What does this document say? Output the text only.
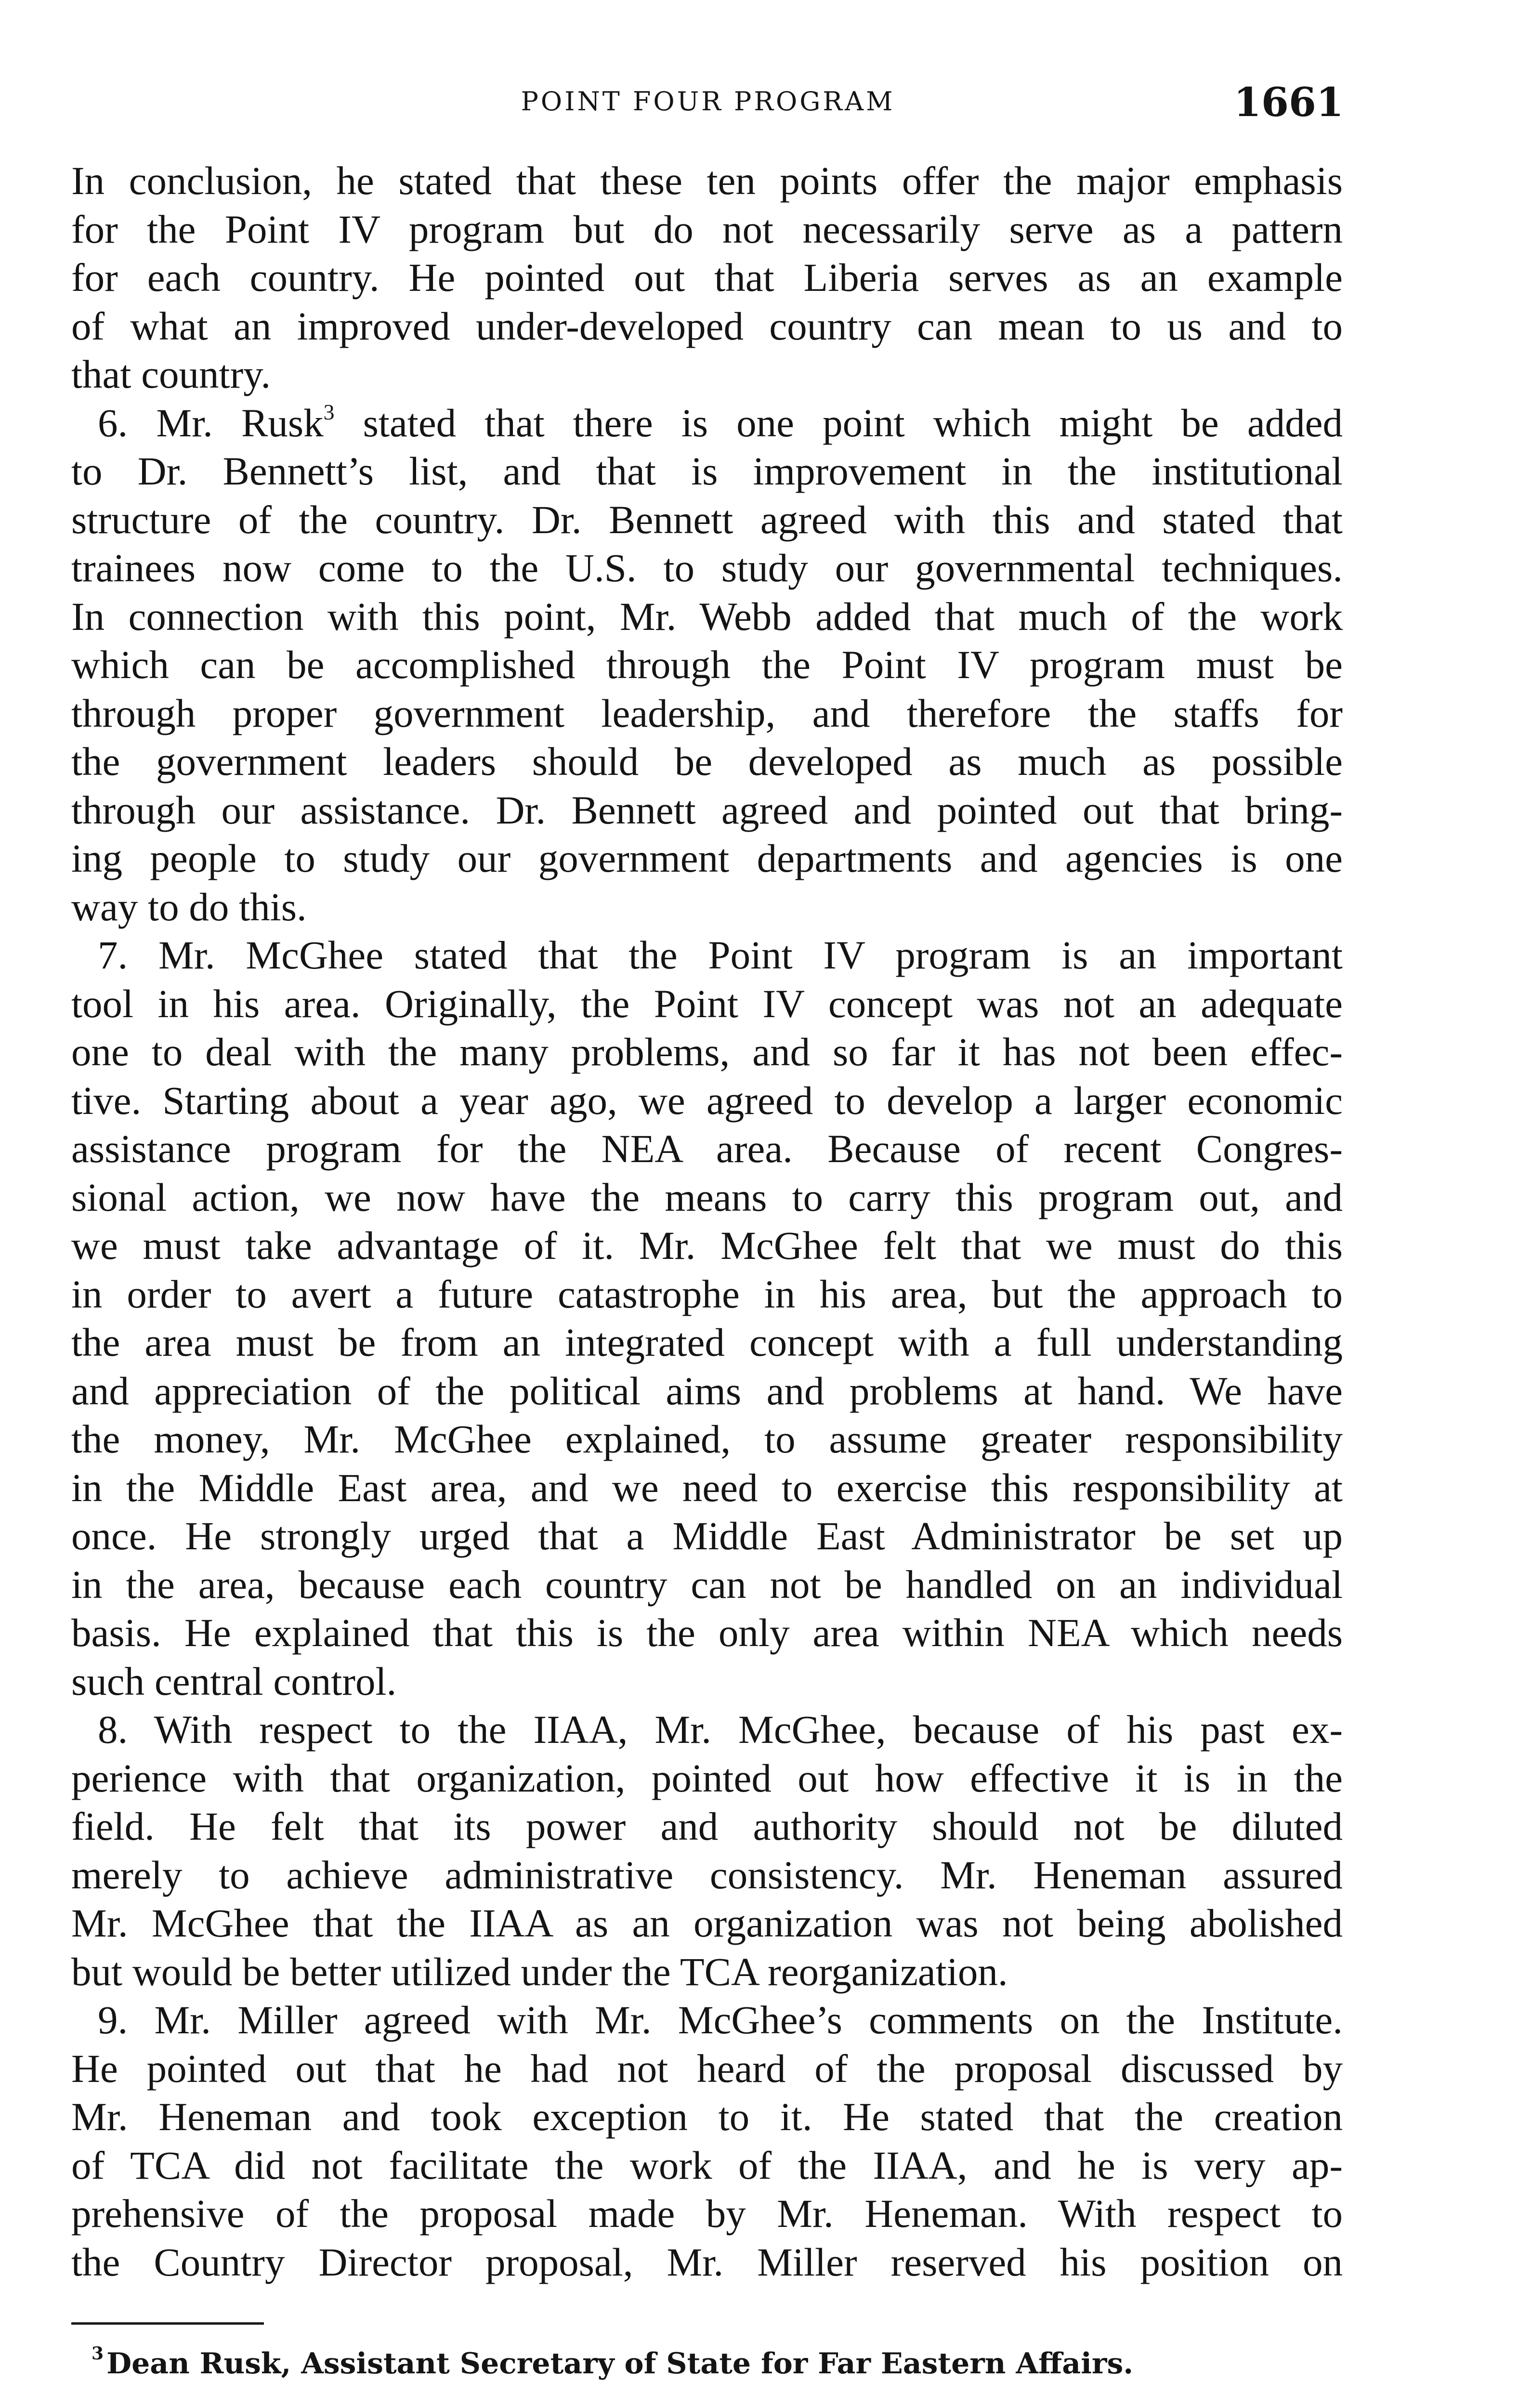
POINT FOUR PROGRAM	1661
In conclusion, he stated that these ten points offer the major emphasis
for the Point IV program but do not necessarily serve as a pattern
for each country. He pointed out that Liberia serves as an example
of what an improved under-developed country can mean to us and to
that country.
6. Mr. Rusk$^3$ stated that there is one point which might be added
to Dr. Bennett’s list, and that is improvement in the institutional
structure of the country. Dr. Bennett agreed with this and stated that
trainees now come to the U.S. to study our governmental techniques.
In connection with this point, Mr. Webb added that much of the work
which can be accomplished through the Point IV program must be
through proper government leadership, and therefore the staffs for
the government leaders should be developed as much as possible
through our assistance. Dr. Bennett agreed and pointed out that bring-
ing people to study our government departments and agencies is one
way to do this.
7. Mr. McGhee stated that the Point IV program is an important
tool in his area. Originally, the Point IV concept was not an adequate
one to deal with the many problems, and so far it has not been effec-
tive. Starting about a year ago, we agreed to develop a larger economic
assistance program for the NEA area. Because of recent Congres-
sional action, we now have the means to carry this program out, and
we must take advantage of it. Mr. McGhee felt that we must do this
in order to avert a future catastrophe in his area, but the approach to
the area must be from an integrated concept with a full understanding
and appreciation of the political aims and problems at hand. We have
the money, Mr. McGhee explained, to assume greater responsibility
in the Middle East area, and we need to exercise this responsibility at
once. He strongly urged that a Middle East Administrator be set up
in the area, because each country can not be handled on an individual
basis. He explained that this is the only area within NEA which needs
such central control.
8. With respect to the IIAA, Mr. McGhee, because of his past ex-
perience with that organization, pointed out how effective it is in the
field. He felt that its power and authority should not be diluted
merely to achieve administrative consistency. Mr. Heneman assured
Mr. McGhee that the IIAA as an organization was not being abolished
but would be better utilized under the TCA reorganization.
9. Mr. Miller agreed with Mr. McGhee’s comments on the Institute.
He pointed out that he had not heard of the proposal discussed by
Mr. Heneman and took exception to it. He stated that the creation
of TCA did not facilitate the work of the IIAA, and he is very ap-
prehensive of the proposal made by Mr. Heneman. With respect to
the Country Director proposal, Mr. Miller reserved his position on
$^3$ Dean Rusk, Assistant Secretary of State for Far Eastern Affairs.
